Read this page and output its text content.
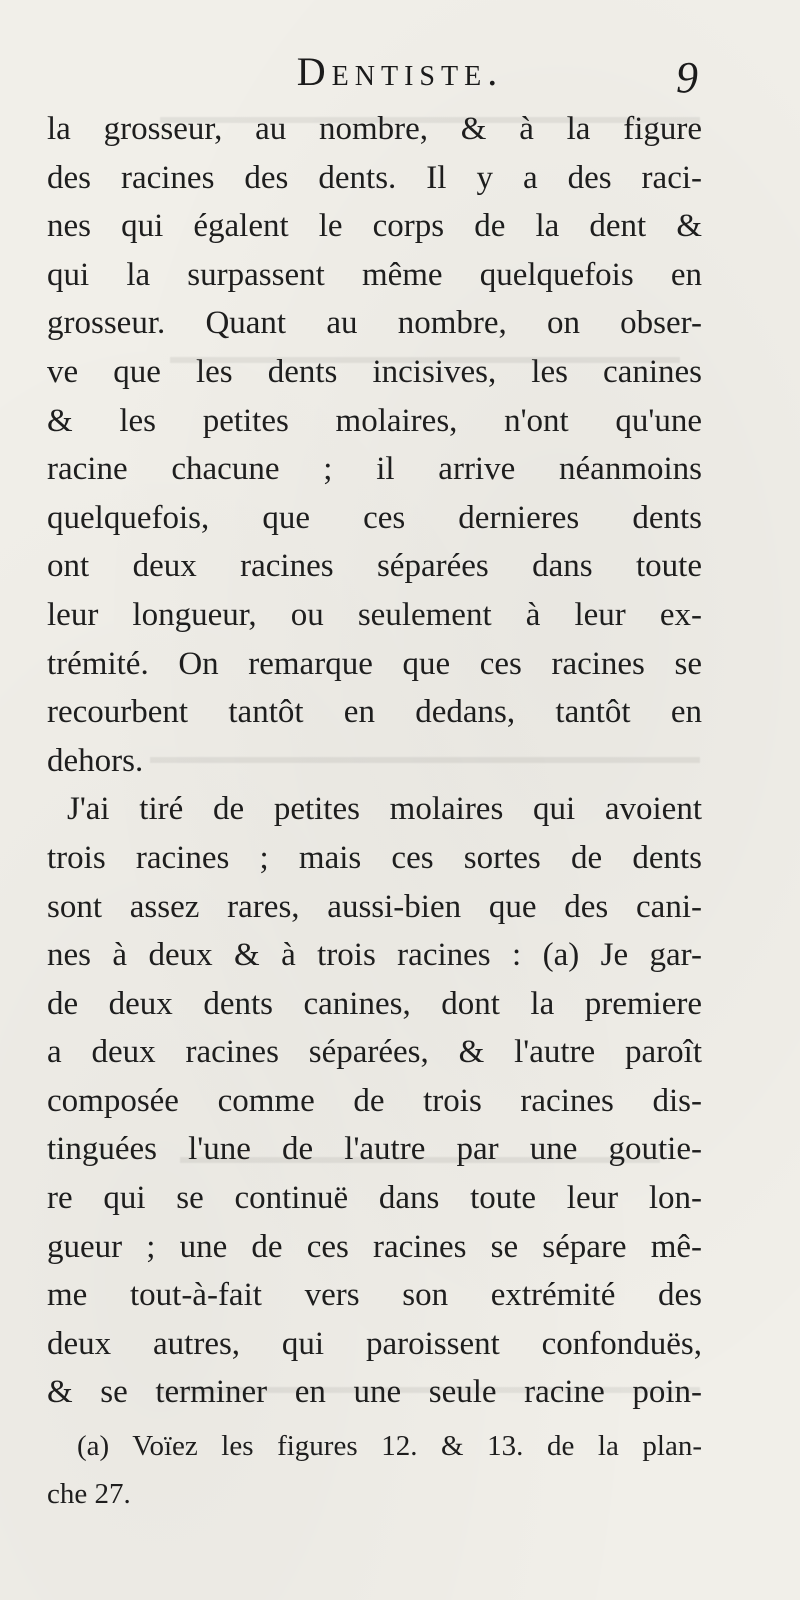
Dentiste.	9
la grosseur, au nombre, & à la figure
des racines des dents. Il y a des raci-
nes qui égalent le corps de la dent &
qui la surpassent même quelquefois en
grosseur. Quant au nombre, on obser-
ve que les dents incisives, les canines
& les petites molaires, n'ont qu'une
racine chacune ; il arrive néanmoins
quelquefois, que ces dernieres dents
ont deux racines séparées dans toute
leur longueur, ou seulement à leur ex-
trémité. On remarque que ces racines se
recourbent tantôt en dedans, tantôt en
dehors.
J'ai tiré de petites molaires qui avoient
trois racines ; mais ces sortes de dents
sont assez rares, aussi-bien que des cani-
nes à deux & à trois racines : (a) Je gar-
de deux dents canines, dont la premiere
a deux racines séparées, & l'autre paroît
composée comme de trois racines dis-
tinguées l'une de l'autre par une goutie-
re qui se continuë dans toute leur lon-
gueur ; une de ces racines se sépare mê-
me tout-à-fait vers son extrémité des
deux autres, qui paroissent confonduës,
& se terminer en une seule racine poin-
(a) Voïez les figures 12. & 13. de la plan-
che 27.
